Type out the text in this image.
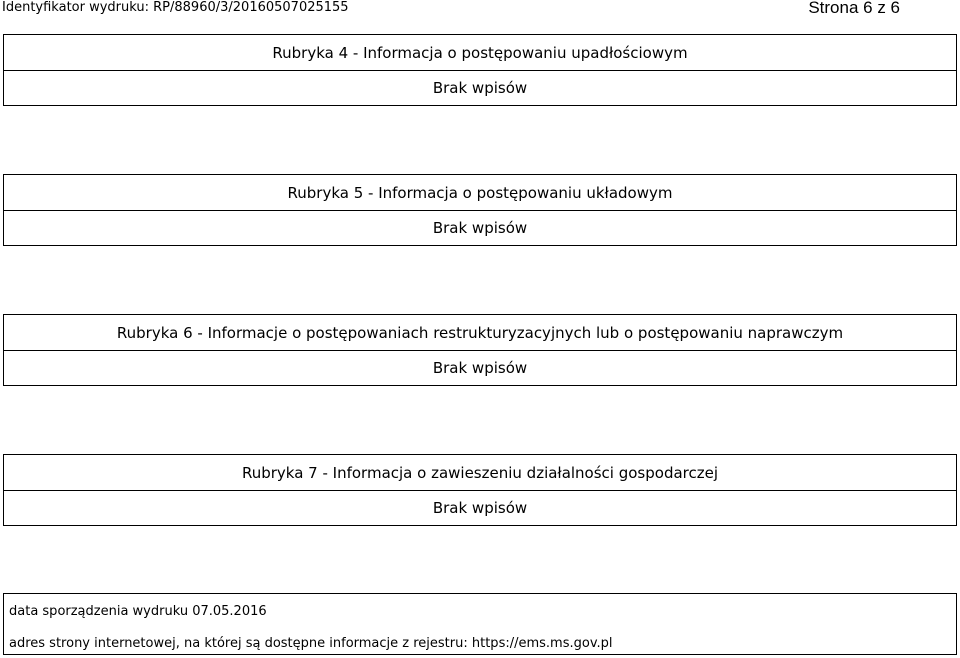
Identyfikator wydruku: RP/88960/3/20160507025155	Strona 6 z 6
Rubryka 4 - Informacja o postępowaniu upadłościowym
Brak wpisów
Rubryka 5 - Informacja o postępowaniu układowym
Brak wpisów
Rubryka 6 - Informacje o postępowaniach restrukturyzacyjnych lub o postępowaniu naprawczym
Brak wpisów
Rubryka 7 - Informacja o zawieszeniu działalności gospodarczej
Brak wpisów
data sporządzenia wydruku 07.05.2016
adres strony internetowej, na której są dostępne informacje z rejestru: https://ems.ms.gov.pl
